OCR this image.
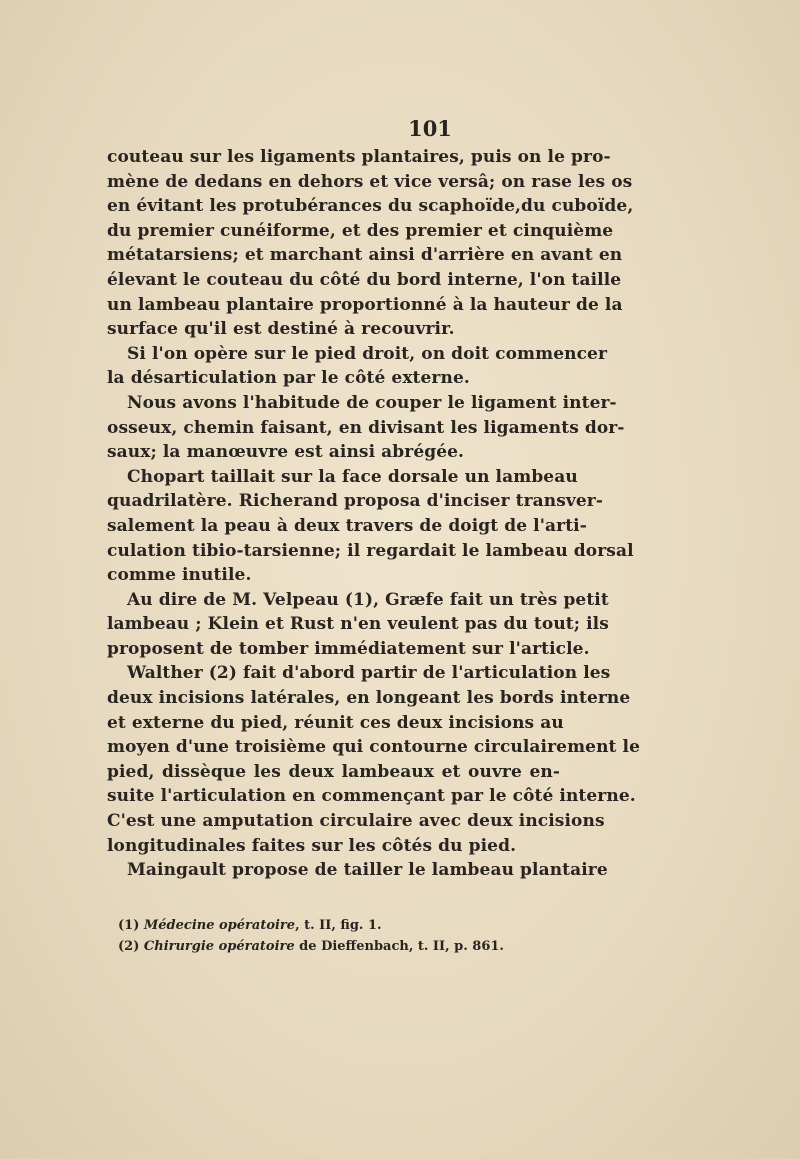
101
couteau sur les ligaments plantaires, puis on le pro-
mène de dedans en dehors et vice versâ; on rase les os
en évitant les protubérances du scaphoïde,du cuboïde,
du premier cunéiforme, et des premier et cinquième
métatarsiens; et marchant ainsi d'arrière en avant en
élevant le couteau du côté du bord interne, l'on taille
un lambeau plantaire proportionné à la hauteur de la
surface qu'il est destiné à recouvrir.
Si l'on opère sur le pied droit, on doit commencer
la désarticulation par le côté externe.
Nous avons l'habitude de couper le ligament inter-
osseux, chemin faisant, en divisant les ligaments dor-
saux; la manœuvre est ainsi abrégée.
Chopart taillait sur la face dorsale un lambeau
quadrilatère. Richerand proposa d'inciser transver-
salement la peau à deux travers de doigt de l'arti-
culation tibio-tarsienne; il regardait le lambeau dorsal
comme inutile.
Au dire de M. Velpeau (1), Græfe fait un très petit
lambeau ; Klein et Rust n'en veulent pas du tout; ils
proposent de tomber immédiatement sur l'article.
Walther (2) fait d'abord partir de l'articulation les
deux incisions latérales, en longeant les bords interne
et externe du pied, réunit ces deux incisions au
moyen d'une troisième qui contourne circulairement le
pied, dissèque les deux lambeaux et ouvre en-
suite l'articulation en commençant par le côté interne.
C'est une amputation circulaire avec deux incisions
longitudinales faites sur les côtés du pied.
Maingault propose de tailler le lambeau plantaire
(1) Médecine opératoire, t. II, fig. 1.
(2) Chirurgie opératoire de Dieffenbach, t. II, p. 861.
